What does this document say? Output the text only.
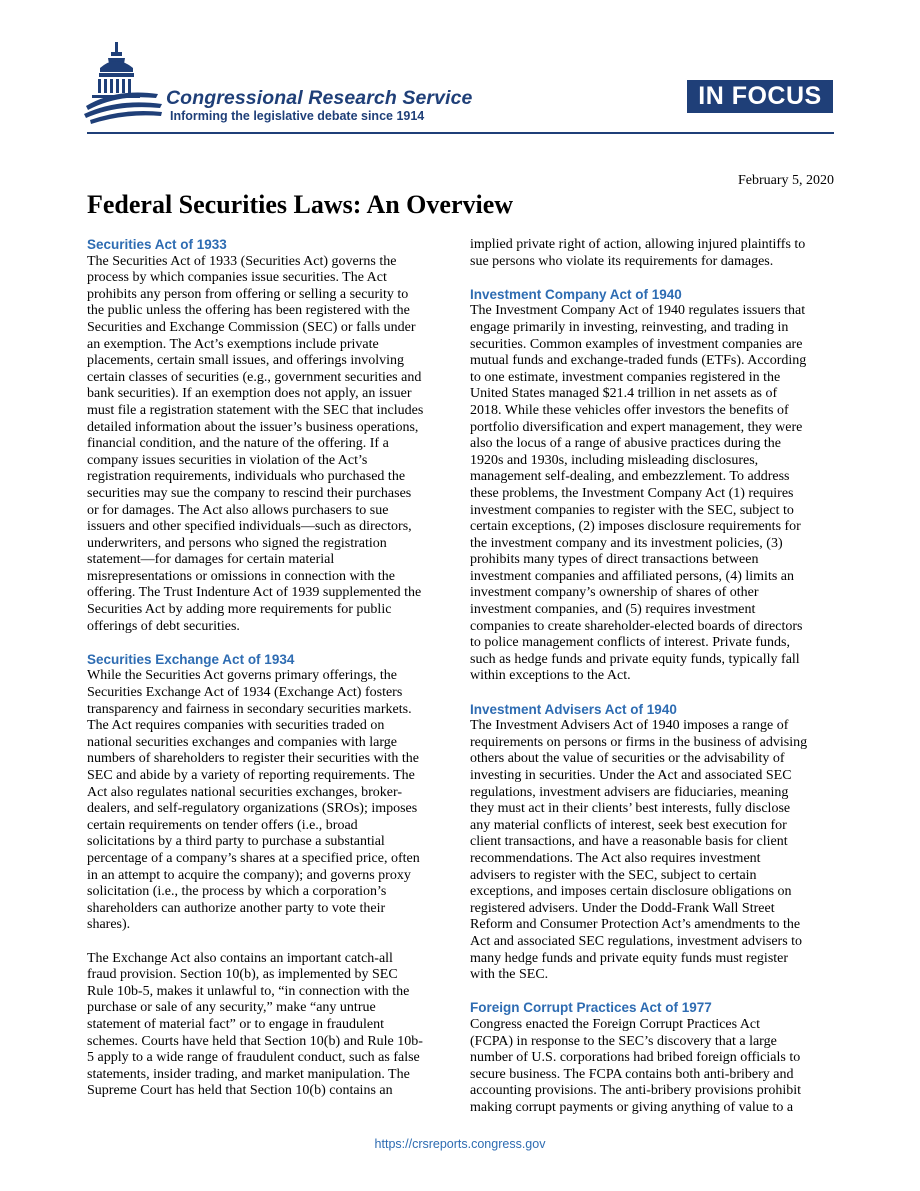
Congressional Research Service
Informing the legislative debate since 1914
IN FOCUS
February 5, 2020
Federal Securities Laws: An Overview
Securities Act of 1933
The Securities Act of 1933 (Securities Act) governs the
process by which companies issue securities. The Act
prohibits any person from offering or selling a security to
the public unless the offering has been registered with the
Securities and Exchange Commission (SEC) or falls under
an exemption. The Act’s exemptions include private
placements, certain small issues, and offerings involving
certain classes of securities (e.g., government securities and
bank securities). If an exemption does not apply, an issuer
must file a registration statement with the SEC that includes
detailed information about the issuer’s business operations,
financial condition, and the nature of the offering. If a
company issues securities in violation of the Act’s
registration requirements, individuals who purchased the
securities may sue the company to rescind their purchases
or for damages. The Act also allows purchasers to sue
issuers and other specified individuals—such as directors,
underwriters, and persons who signed the registration
statement—for damages for certain material
misrepresentations or omissions in connection with the
offering. The Trust Indenture Act of 1939 supplemented the
Securities Act by adding more requirements for public
offerings of debt securities.
Securities Exchange Act of 1934
While the Securities Act governs primary offerings, the
Securities Exchange Act of 1934 (Exchange Act) fosters
transparency and fairness in secondary securities markets.
The Act requires companies with securities traded on
national securities exchanges and companies with large
numbers of shareholders to register their securities with the
SEC and abide by a variety of reporting requirements. The
Act also regulates national securities exchanges, broker-
dealers, and self-regulatory organizations (SROs); imposes
certain requirements on tender offers (i.e., broad
solicitations by a third party to purchase a substantial
percentage of a company’s shares at a specified price, often
in an attempt to acquire the company); and governs proxy
solicitation (i.e., the process by which a corporation’s
shareholders can authorize another party to vote their
shares).
The Exchange Act also contains an important catch-all
fraud provision. Section 10(b), as implemented by SEC
Rule 10b-5, makes it unlawful to, “in connection with the
purchase or sale of any security,” make “any untrue
statement of material fact” or to engage in fraudulent
schemes. Courts have held that Section 10(b) and Rule 10b-
5 apply to a wide range of fraudulent conduct, such as false
statements, insider trading, and market manipulation. The
Supreme Court has held that Section 10(b) contains an
implied private right of action, allowing injured plaintiffs to
sue persons who violate its requirements for damages.
Investment Company Act of 1940
The Investment Company Act of 1940 regulates issuers that
engage primarily in investing, reinvesting, and trading in
securities. Common examples of investment companies are
mutual funds and exchange-traded funds (ETFs). According
to one estimate, investment companies registered in the
United States managed $21.4 trillion in net assets as of
2018. While these vehicles offer investors the benefits of
portfolio diversification and expert management, they were
also the locus of a range of abusive practices during the
1920s and 1930s, including misleading disclosures,
management self-dealing, and embezzlement. To address
these problems, the Investment Company Act (1) requires
investment companies to register with the SEC, subject to
certain exceptions, (2) imposes disclosure requirements for
the investment company and its investment policies, (3)
prohibits many types of direct transactions between
investment companies and affiliated persons, (4) limits an
investment company’s ownership of shares of other
investment companies, and (5) requires investment
companies to create shareholder-elected boards of directors
to police management conflicts of interest. Private funds,
such as hedge funds and private equity funds, typically fall
within exceptions to the Act.
Investment Advisers Act of 1940
The Investment Advisers Act of 1940 imposes a range of
requirements on persons or firms in the business of advising
others about the value of securities or the advisability of
investing in securities. Under the Act and associated SEC
regulations, investment advisers are fiduciaries, meaning
they must act in their clients’ best interests, fully disclose
any material conflicts of interest, seek best execution for
client transactions, and have a reasonable basis for client
recommendations. The Act also requires investment
advisers to register with the SEC, subject to certain
exceptions, and imposes certain disclosure obligations on
registered advisers. Under the Dodd-Frank Wall Street
Reform and Consumer Protection Act’s amendments to the
Act and associated SEC regulations, investment advisers to
many hedge funds and private equity funds must register
with the SEC.
Foreign Corrupt Practices Act of 1977
Congress enacted the Foreign Corrupt Practices Act
(FCPA) in response to the SEC’s discovery that a large
number of U.S. corporations had bribed foreign officials to
secure business. The FCPA contains both anti-bribery and
accounting provisions. The anti-bribery provisions prohibit
making corrupt payments or giving anything of value to a
https://crsreports.congress.gov
